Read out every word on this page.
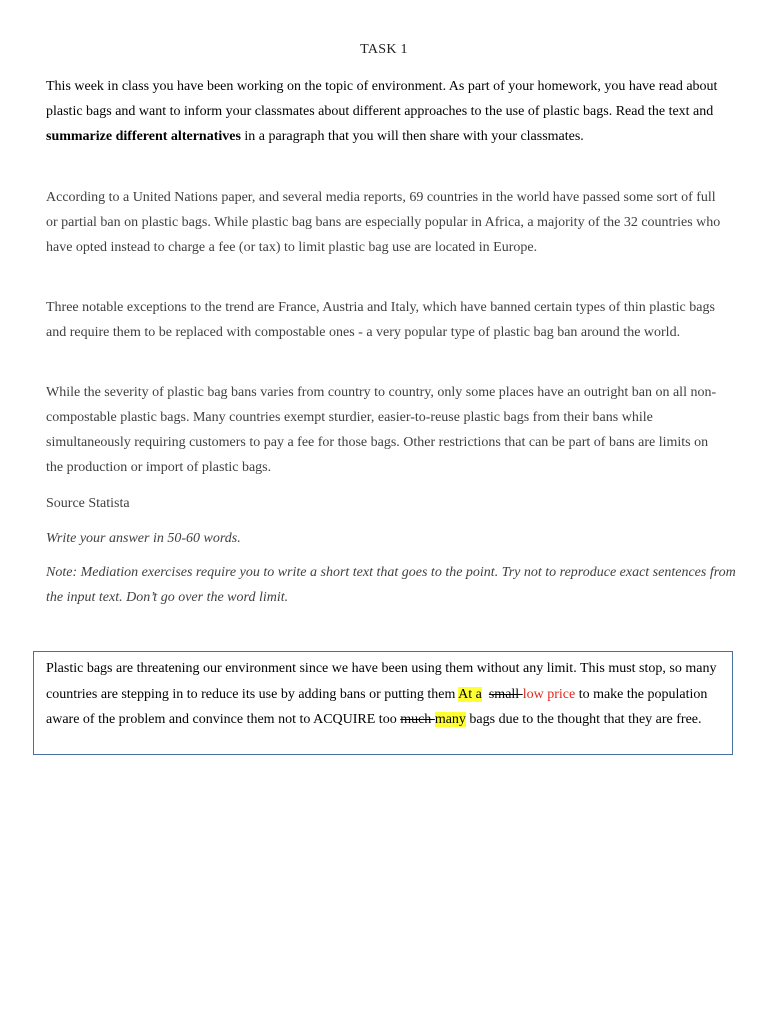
TASK 1

This week in class you have been working on the topic of environment. As part of your homework, you have read about plastic bags and want to inform your classmates about different approaches to the use of plastic bags. Read the text and summarize different alternatives in a paragraph that you will then share with your classmates.

According to a United Nations paper, and several media reports, 69 countries in the world have passed some sort of full or partial ban on plastic bags. While plastic bag bans are especially popular in Africa, a majority of the 32 countries who have opted instead to charge a fee (or tax) to limit plastic bag use are located in Europe.

Three notable exceptions to the trend are France, Austria and Italy, which have banned certain types of thin plastic bags and require them to be replaced with compostable ones - a very popular type of plastic bag ban around the world.

While the severity of plastic bag bans varies from country to country, only some places have an outright ban on all non-compostable plastic bags. Many countries exempt sturdier, easier-to-reuse plastic bags from their bans while simultaneously requiring customers to pay a fee for those bags. Other restrictions that can be part of bans are limits on the production or import of plastic bags.

Source Statista

Write your answer in 50-60 words.

Note: Mediation exercises require you to write a short text that goes to the point. Try not to reproduce exact sentences from the input text. Don’t go over the word limit.

Plastic bags are threatening our environment since we have been using them without any limit. This must stop, so many countries are stepping in to reduce its use by adding bans or putting them At a small low price to make the population aware of the problem and convince them not to ACQUIRE too much many bags due to the thought that they are free.
